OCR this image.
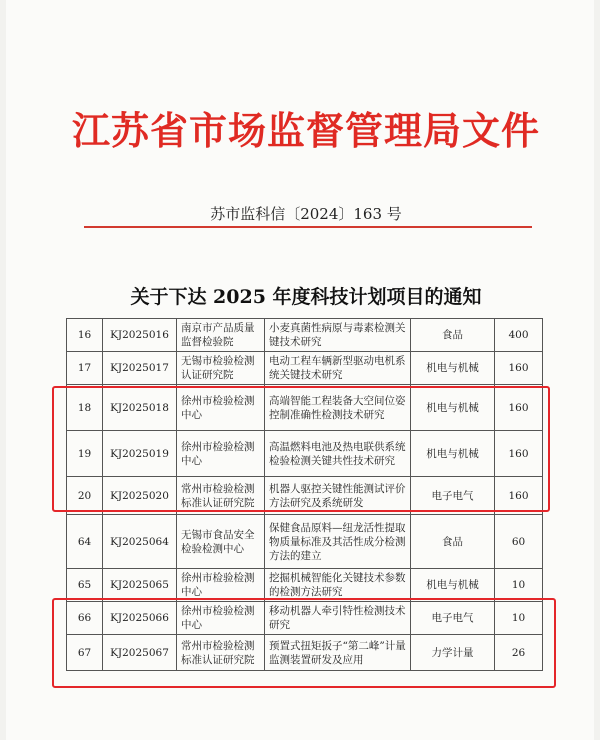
江苏省市场监督管理局文件
苏市监科信〔2024〕163 号
关于下达 2025 年度科技计划项目的通知
16	KJ2025016	南京市产品质量监督检验院	小麦真菌性病原与毒素检测关键技术研究	食品	400
17	KJ2025017	无锡市检验检测认证研究院	电动工程车辆新型驱动电机系统关键技术研究	机电与机械	160
18	KJ2025018	徐州市检验检测中心	高端智能工程装备大空间位姿控制准确性检测技术研究	机电与机械	160
19	KJ2025019	徐州市检验检测中心	高温燃料电池及热电联供系统检验检测关键共性技术研究	机电与机械	160
20	KJ2025020	常州市检验检测标准认证研究院	机器人驱控关键性能测试评价方法研究及系统研发	电子电气	160
64	KJ2025064	无锡市食品安全检验检测中心	保健食品原料—纽龙活性提取物质量标准及其活性成分检测方法的建立	食品	60
65	KJ2025065	徐州市检验检测中心	挖掘机械智能化关键技术参数的检测方法研究	机电与机械	10
66	KJ2025066	徐州市检验检测中心	移动机器人牵引特性检测技术研究	电子电气	10
67	KJ2025067	常州市检验检测标准认证研究院	预置式扭矩扳子“第二峰”计量监测装置研发及应用	力学计量	26
